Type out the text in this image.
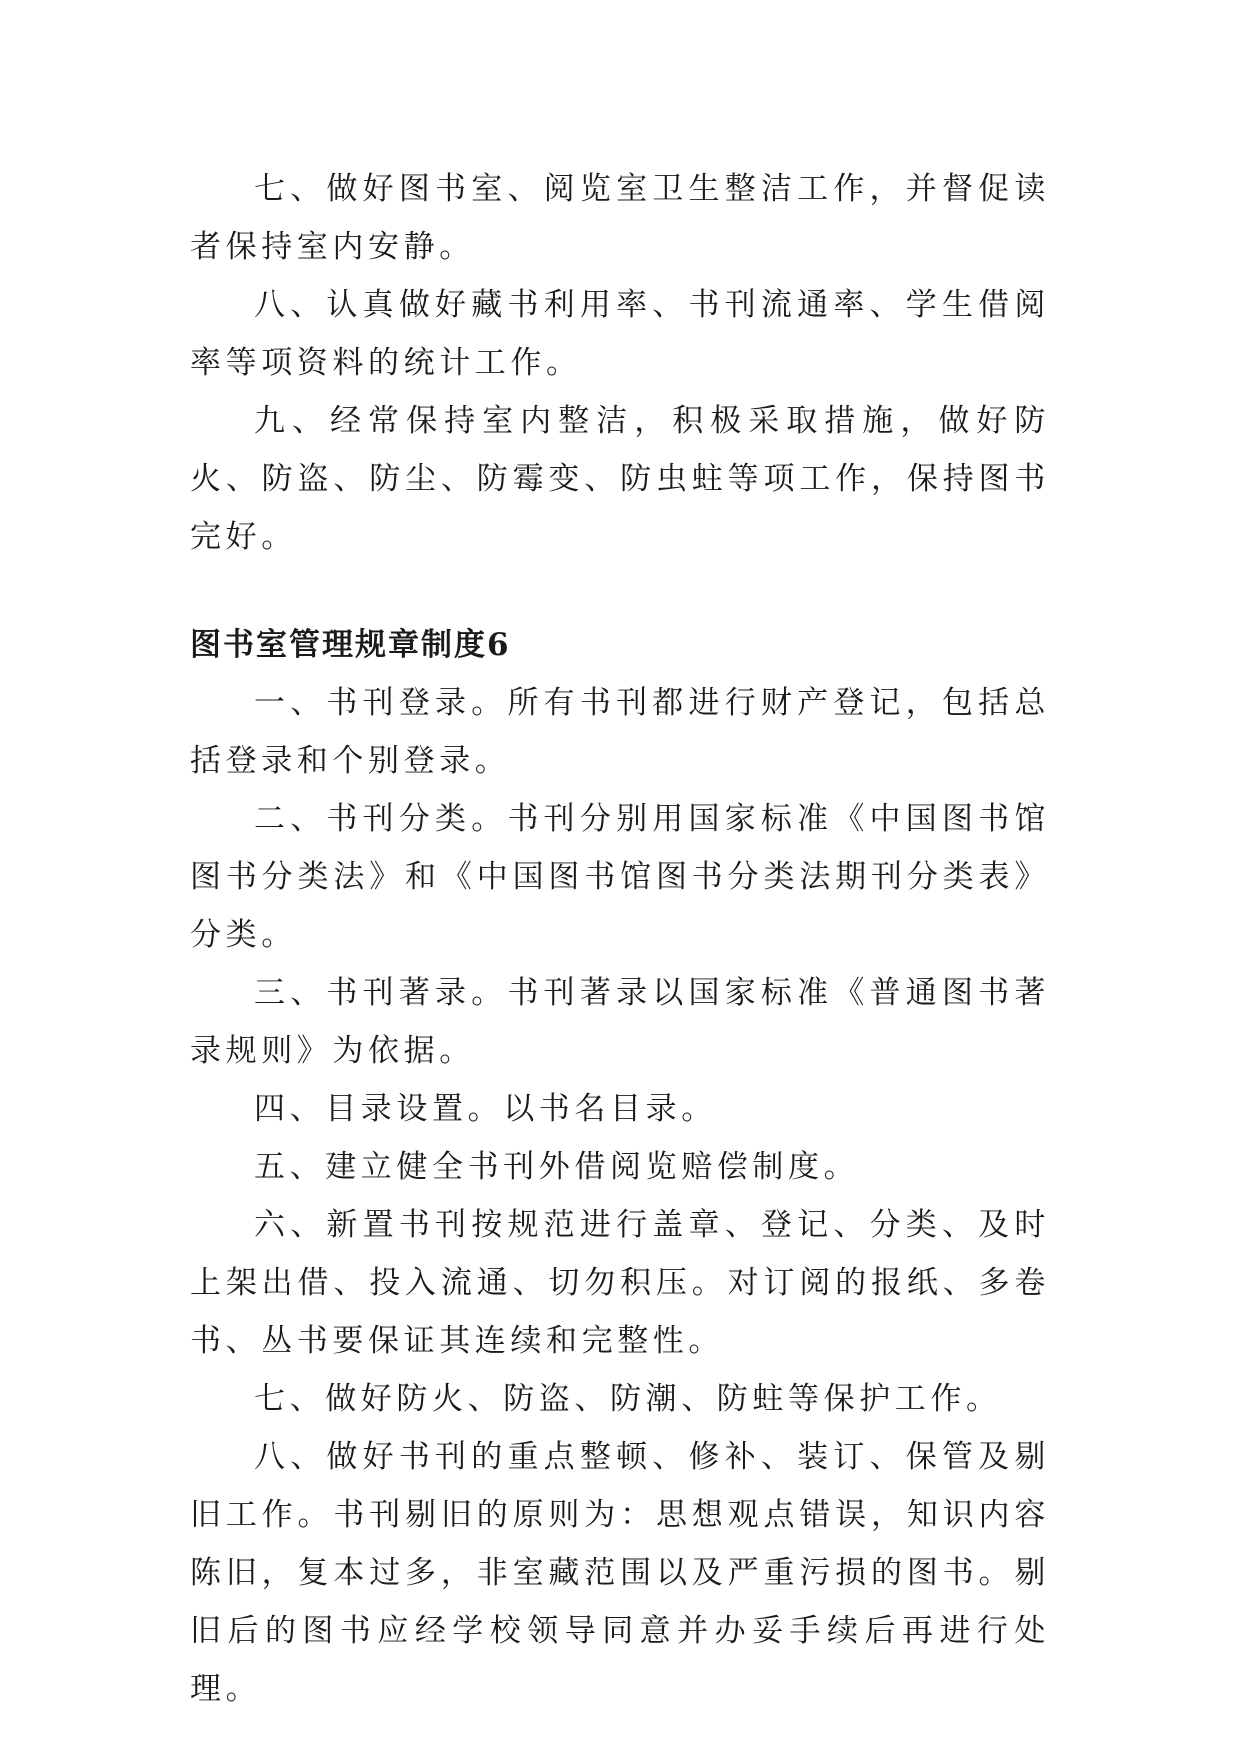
七、做好图书室、阅览室卫生整洁工作，并督促读者保持室内安静。

八、认真做好藏书利用率、书刊流通率、学生借阅率等项资料的统计工作。

九、经常保持室内整洁，积极采取措施，做好防火、防盗、防尘、防霉变、防虫蛀等项工作，保持图书完好。

图书室管理规章制度6

一、书刊登录。所有书刊都进行财产登记，包括总括登录和个别登录。

二、书刊分类。书刊分别用国家标准《中国图书馆图书分类法》和《中国图书馆图书分类法期刊分类表》分类。

三、书刊著录。书刊著录以国家标准《普通图书著录规则》为依据。

四、目录设置。以书名目录。

五、建立健全书刊外借阅览赔偿制度。

六、新置书刊按规范进行盖章、登记、分类、及时上架出借、投入流通、切勿积压。对订阅的报纸、多卷书、丛书要保证其连续和完整性。

七、做好防火、防盗、防潮、防蛀等保护工作。

八、做好书刊的重点整顿、修补、装订、保管及剔旧工作。书刊剔旧的原则为：思想观点错误，知识内容陈旧，复本过多，非室藏范围以及严重污损的图书。剔旧后的图书应经学校领导同意并办妥手续后再进行处理。
